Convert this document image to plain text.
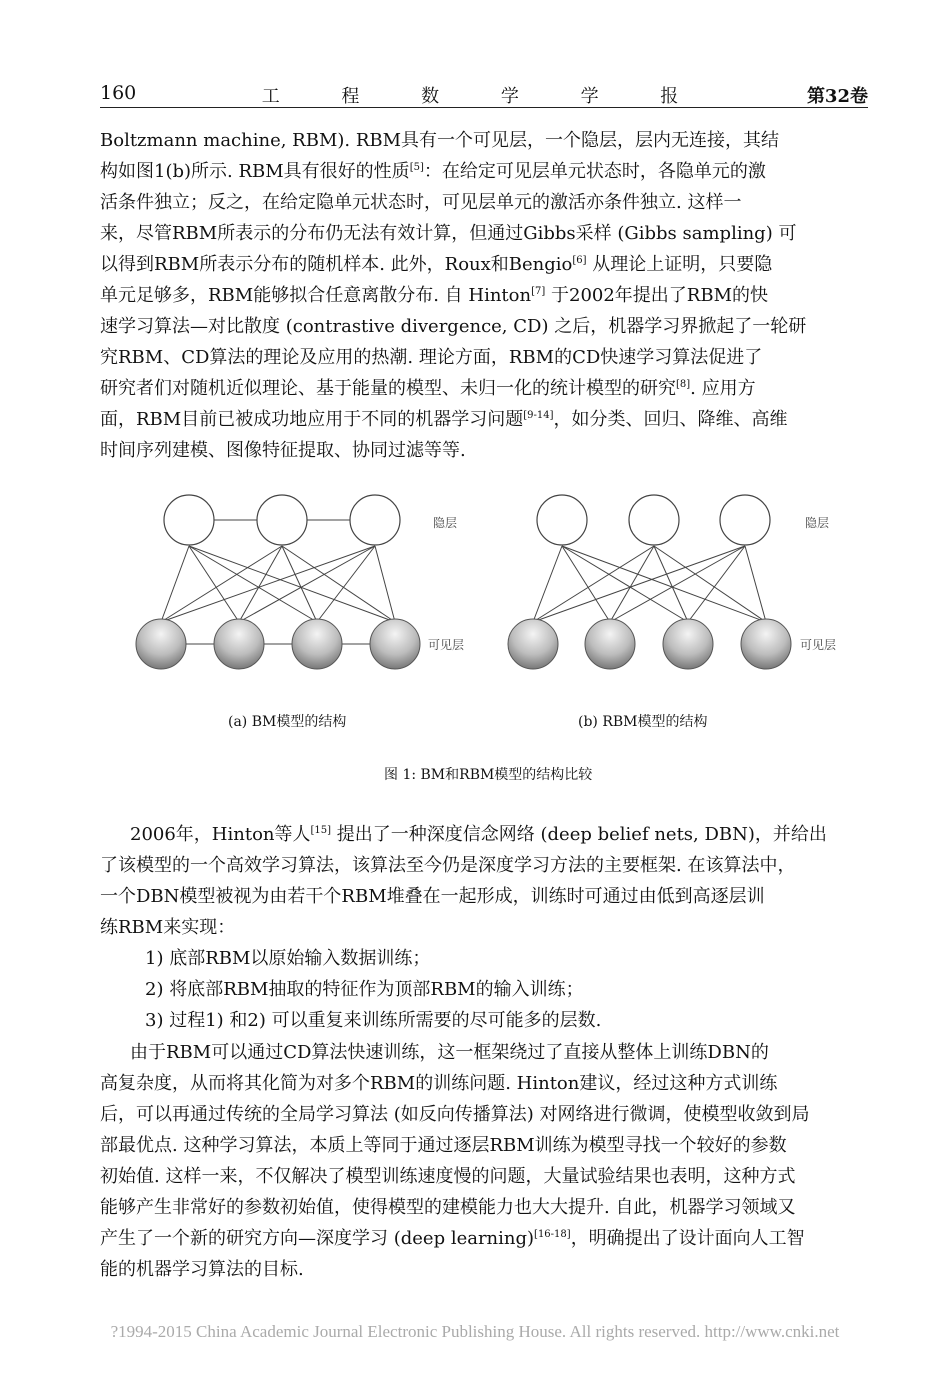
160	工 程 数 学 学 报	第32卷
Boltzmann machine, RBM). RBM具有一个可见层，一个隐层，层内无连接，其结
构如图1(b)所示. RBM具有很好的性质[5]：在给定可见层单元状态时，各隐单元的激
活条件独立；反之，在给定隐单元状态时，可见层单元的激活亦条件独立. 这样一
来，尽管RBM所表示的分布仍无法有效计算，但通过Gibbs采样 (Gibbs sampling) 可
以得到RBM所表示分布的随机样本. 此外，Roux和Bengio[6] 从理论上证明，只要隐
单元足够多，RBM能够拟合任意离散分布. 自 Hinton[7] 于2002年提出了RBM的快
速学习算法—对比散度 (contrastive divergence, CD) 之后，机器学习界掀起了一轮研
究RBM、CD算法的理论及应用的热潮. 理论方面，RBM的CD快速学习算法促进了
研究者们对随机近似理论、基于能量的模型、未归一化的统计模型的研究[8]. 应用方
面，RBM目前已被成功地应用于不同的机器学习问题[9-14]，如分类、回归、降维、高维
时间序列建模、图像特征提取、协同过滤等等.
隐层
可见层
隐层
可见层
(a) BM模型的结构	(b) RBM模型的结构
图 1: BM和RBM模型的结构比较
2006年，Hinton等人[15] 提出了一种深度信念网络 (deep belief nets, DBN)，并给出
了该模型的一个高效学习算法，该算法至今仍是深度学习方法的主要框架. 在该算法中，
一个DBN模型被视为由若干个RBM堆叠在一起形成，训练时可通过由低到高逐层训
练RBM来实现：
1) 底部RBM以原始输入数据训练；
2) 将底部RBM抽取的特征作为顶部RBM的输入训练；
3) 过程1) 和2) 可以重复来训练所需要的尽可能多的层数.
由于RBM可以通过CD算法快速训练，这一框架绕过了直接从整体上训练DBN的
高复杂度，从而将其化简为对多个RBM的训练问题. Hinton建议，经过这种方式训练
后，可以再通过传统的全局学习算法 (如反向传播算法) 对网络进行微调，使模型收敛到局
部最优点. 这种学习算法，本质上等同于通过逐层RBM训练为模型寻找一个较好的参数
初始值. 这样一来，不仅解决了模型训练速度慢的问题，大量试验结果也表明，这种方式
能够产生非常好的参数初始值，使得模型的建模能力也大大提升. 自此，机器学习领域又
产生了一个新的研究方向—深度学习 (deep learning)[16-18]，明确提出了设计面向人工智
能的机器学习算法的目标.
?1994-2015 China Academic Journal Electronic Publishing House. All rights reserved. http://www.cnki.net
